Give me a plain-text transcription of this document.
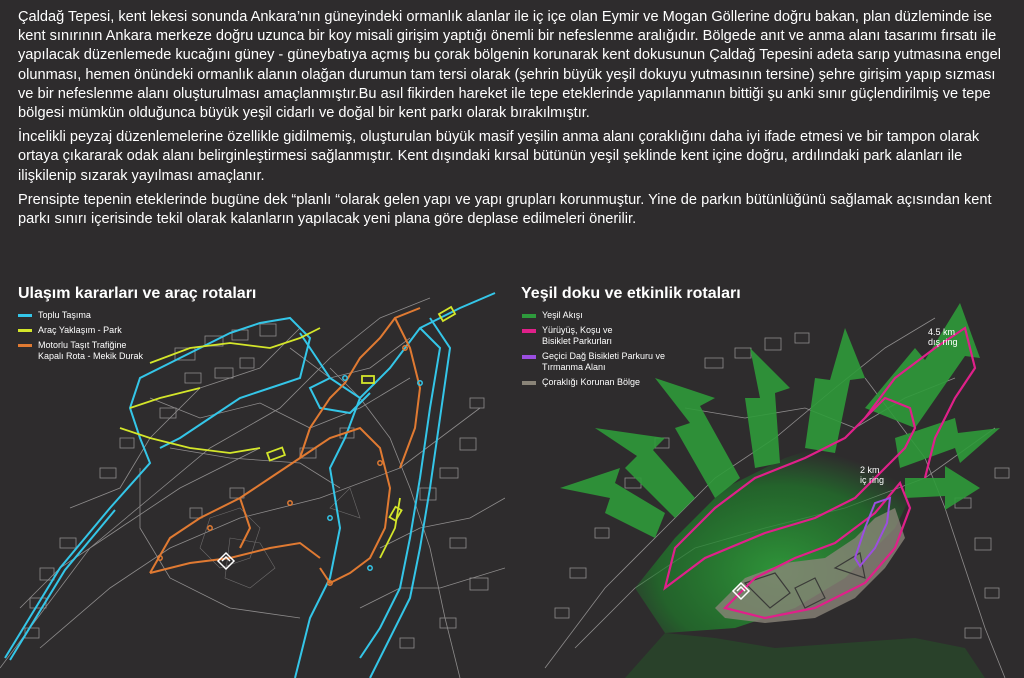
Çaldağ Tepesi, kent lekesi sonunda Ankara’nın güneyindeki ormanlık alanlar ile iç içe olan Eymir ve Mogan Göllerine doğru bakan, plan düzleminde ise kent sınırının Ankara merkeze doğru uzunca bir koy misali girişim yaptığı önemli bir nefeslenme aralığıdır. Bölgede anıt ve anma alanı tasarımı fırsatı ile yapılacak düzenlemede kucağını güney - güneybatıya açmış bu çorak bölgenin korunarak kent dokusunun Çaldağ Tepesini adeta sarıp yutmasına engel olunması, hemen önündeki ormanlık alanın olağan durumun tam tersi olarak (şehrin büyük yeşil dokuyu yutmasının tersine) şehre girişim yapıp sızması ve bir nefeslenme alanı oluşturulması amaçlanmıştır.Bu asıl fikirden hareket ile tepe eteklerinde yapılanmanın bittiği şu anki sınır güçlendirilmiş ve tepe bölgesi mümkün olduğunca büyük yeşil cidarlı ve doğal bir kent parkı olarak bırakılmıştır.

İncelikli peyzaj düzenlemelerine özellikle gidilmemiş, oluşturulan büyük masif yeşilin anma alanı çoraklığını daha iyi ifade etmesi ve bir tampon olarak ortaya çıkararak odak alanı belirginleştirmesi sağlanmıştır. Kent dışındaki kırsal bütünün yeşil şeklinde kent içine doğru, ardılındaki park alanları ile ilişkilenip sızarak yayılması amaçlanır.

Prensipte tepenin eteklerinde bugüne dek “planlı “olarak gelen yapı ve yapı grupları korunmuştur. Yine de parkın bütünlüğünü sağlamak açısından kent parkı sınırı içerisinde tekil olarak kalanların yapılacak yeni plana göre deplase edilmeleri önerilir.

Ulaşım kararları ve araç rotaları
Toplu Taşıma
Araç Yaklaşım - Park
Motorlu Taşıt Trafiğine Kapalı Rota - Mekik Durak
Yeşil doku ve etkinlik rotaları
4.5 km
dış ring
2 km
iç ring
Yeşil Akışı
Yürüyüş, Koşu ve Bisiklet Parkurları
Geçici Dağ Bisikleti Parkuru ve Tırmanma Alanı
Çoraklığı Korunan Bölge
